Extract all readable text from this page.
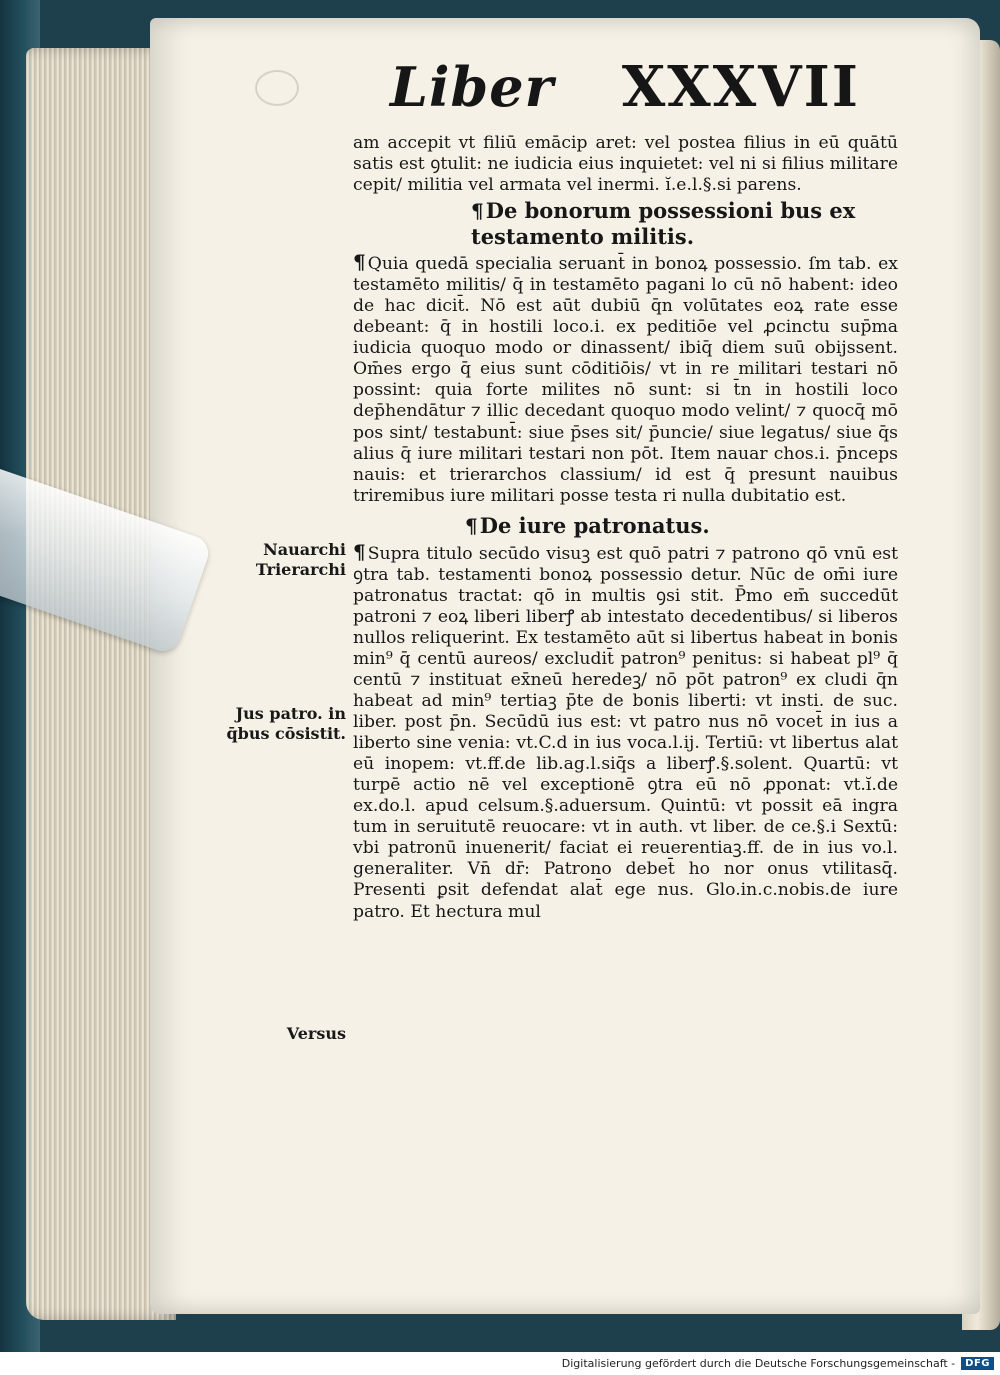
Liber XXXVII

am accepit vt filiū emācip aret: vel postea filius in eū quātū satis est ꝯtulit: ne iudicia eius inquietet: vel ni si filius militare cepit/ militia vel armata vel inermi. ĭ.e.l.§.si parens.

¶De bonorum possessioni bus ex testamento militis.

¶ Quia quedā specialia seruant̄ in bonoꝝ possessio. ſm tab. ex testamēto militis/ q̄ in testamēto pagani lo cū nō habent: ideo de hac dicit̄. Nō est aūt dubiū q̄n volūtates eoꝝ rate esse debeant: q̄ in hostili loco.i. ex peditiōe vel ꝓcinctu sup̄ma iudicia quoquo modo or dinassent/ ibiq̄ diem suū obijssent. Om̄es ergo q̄ eius sunt cōditiōis/ vt in re militari testari nō possint: quia forte milites nō sunt: si t̄n in hostili loco dep̄hendātur ⁊ illic decedant quoquo modo velint/ ⁊ quocq̄ mō pos sint/ testabunt̄: siue p̄ses sit/ p̄uncie/ siue legatus/ siue q̄s alius q̄ iure militari testari non pōt. Item nauar chos.i. p̄nceps nauis: et trierarchos classium/ id est q̄ presunt nauibus triremibus iure militari posse testa ri nulla dubitatio est.

¶De iure patronatus.

¶ Supra titulo secūdo visuꝫ est quō patri ⁊ patrono qō vnū est ꝯtra tab. testamenti bonoꝝ possessio detur. Nūc de om̄i iure patronatus tractat: qō in multis ꝯsi stit. P̄mo em̄ succedūt patroni ⁊ eoꝝ liberi liberꝭ ab intestato decedentibus/ si liberos nullos reliquerint. Ex testamēto aūt si libertus habeat in bonis min⁹ q̄ centū aureos/ excludit̄ patron⁹ penitus: si habeat pl⁹ q̄ centū ⁊ instituat ex̄neū heredeꝫ/ nō pōt patron⁹ ex cludi q̄n habeat ad min⁹ tertiaꝫ p̄te de bonis liberti: vt insti. de suc. liber. post p̄n. Secūdū ius est: vt patro nus nō vocet̄ in ius a liberto sine venia: vt.C.d in ius voca.l.ij. Tertiū: vt libertus alat eū inopem: vt.ff.de lib.ag.l.siq̄s a liberꝭ.§.solent. Quartū: vt turpē actio nē vel exceptionē ꝯtra eū nō ꝓponat: vt.ĭ.de ex.do.l. apud celsum.§.aduersum. Quintū: vt possit eā ingra tum in seruitutē reuocare: vt in auth. vt liber. de ce.§.i Sextū: vbi patronū inuenerit/ faciat ei reuerentiaꝫ.ff. de in ius vo.l. generaliter. Vn̄ dr̄: Patrono debet̄ ho nor onus vtilitasq̄. Presenti ꝑsit defendat alat̄ ege nus. Glo.in.c.nobis.de iure patro. Et hectura mul

Nauarchi
Trierarchi
Jus patro. in
q̄bus cōsistit.
Versus
Digitalisierung gefördert durch die Deutsche Forschungsgemeinschaft -	DFG
